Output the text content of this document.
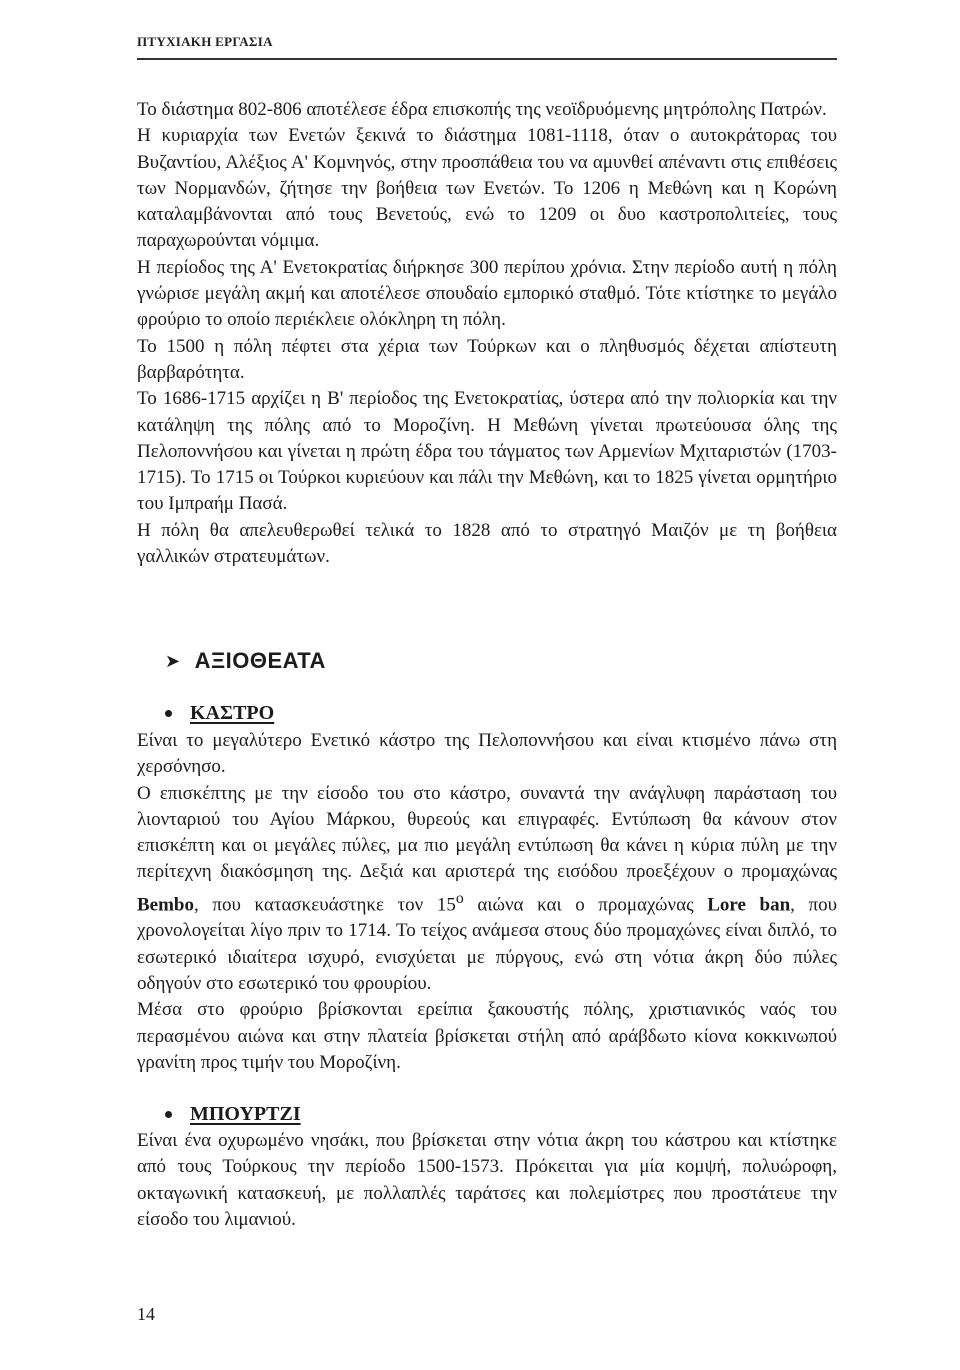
ΠΤΥΧΙΑΚΗ ΕΡΓΑΣΙΑ

Το διάστημα 802-806 αποτέλεσε έδρα επισκοπής της νεοϊδρυόμενης μητρόπολης Πατρών.

Η κυριαρχία των Ενετών ξεκινά το διάστημα 1081-1118, όταν ο αυτοκράτορας του Βυζαντίου, Αλέξιος Α' Κομνηνός, στην προσπάθεια του να αμυνθεί απέναντι στις επιθέσεις των Νορμανδών, ζήτησε την βοήθεια των Ενετών. Το 1206 η Μεθώνη και η Κορώνη καταλαμβάνονται από τους Βενετούς, ενώ το 1209 οι δυο καστροπολιτείες, τους παραχωρούνται νόμιμα.

Η περίοδος της Α' Ενετοκρατίας διήρκησε 300 περίπου χρόνια. Στην περίοδο αυτή η πόλη γνώρισε μεγάλη ακμή και αποτέλεσε σπουδαίο εμπορικό σταθμό. Τότε κτίστηκε το μεγάλο φρούριο το οποίο περιέκλειε ολόκληρη τη πόλη.

Το 1500 η πόλη πέφτει στα χέρια των Τούρκων και ο πληθυσμός δέχεται απίστευτη βαρβαρότητα.

Το 1686-1715 αρχίζει η Β' περίοδος της Ενετοκρατίας, ύστερα από την πολιορκία και την κατάληψη της πόλης από το Μοροζίνη. Η Μεθώνη γίνεται πρωτεύουσα όλης της Πελοποννήσου και γίνεται η πρώτη έδρα του τάγματος των Αρμενίων Μχιταριστών (1703-1715). Το 1715 οι Τούρκοι κυριεύουν και πάλι την Μεθώνη, και το 1825 γίνεται ορμητήριο του Ιμπραήμ Πασά.

Η πόλη θα απελευθερωθεί τελικά το 1828 από το στρατηγό Μαιζόν με τη βοήθεια γαλλικών στρατευμάτων.

➤ ΑΞΙΟΘΕΑΤΑ
ΚΑΣΤΡΟ

Είναι το μεγαλύτερο Ενετικό κάστρο της Πελοποννήσου και είναι κτισμένο πάνω στη χερσόνησο.

Ο επισκέπτης με την είσοδο του στο κάστρο, συναντά την ανάγλυφη παράσταση του λιονταριού του Αγίου Μάρκου, θυρεούς και επιγραφές. Εντύπωση θα κάνουν στον επισκέπτη και οι μεγάλες πύλες, μα πιο μεγάλη εντύπωση θα κάνει η κύρια πύλη με την περίτεχνη διακόσμηση της. Δεξιά και αριστερά της εισόδου προεξέχουν ο προμαχώνας Bembo, που κατασκευάστηκε τον $15^o$ αιώνα και ο προμαχώνας Lore ban, που χρονολογείται λίγο πριν το 1714. Το τείχος ανάμεσα στους δύο προμαχώνες είναι διπλό, το εσωτερικό ιδιαίτερα ισχυρό, ενισχύεται με πύργους, ενώ στη νότια άκρη δύο πύλες οδηγούν στο εσωτερικό του φρουρίου.

Μέσα στο φρούριο βρίσκονται ερείπια ξακουστής πόλης, χριστιανικός ναός του περασμένου αιώνα και στην πλατεία βρίσκεται στήλη από αράβδωτο κίονα κοκκινωπού γρανίτη προς τιμήν του Μοροζίνη.

ΜΠΟΥΡΤΖΙ

Είναι ένα οχυρωμένο νησάκι, που βρίσκεται στην νότια άκρη του κάστρου και κτίστηκε από τους Τούρκους την περίοδο 1500-1573. Πρόκειται για μία κομψή, πολυώροφη, οκταγωνική κατασκευή, με πολλαπλές ταράτσες και πολεμίστρες που προστάτευε την είσοδο του λιμανιού.

14
